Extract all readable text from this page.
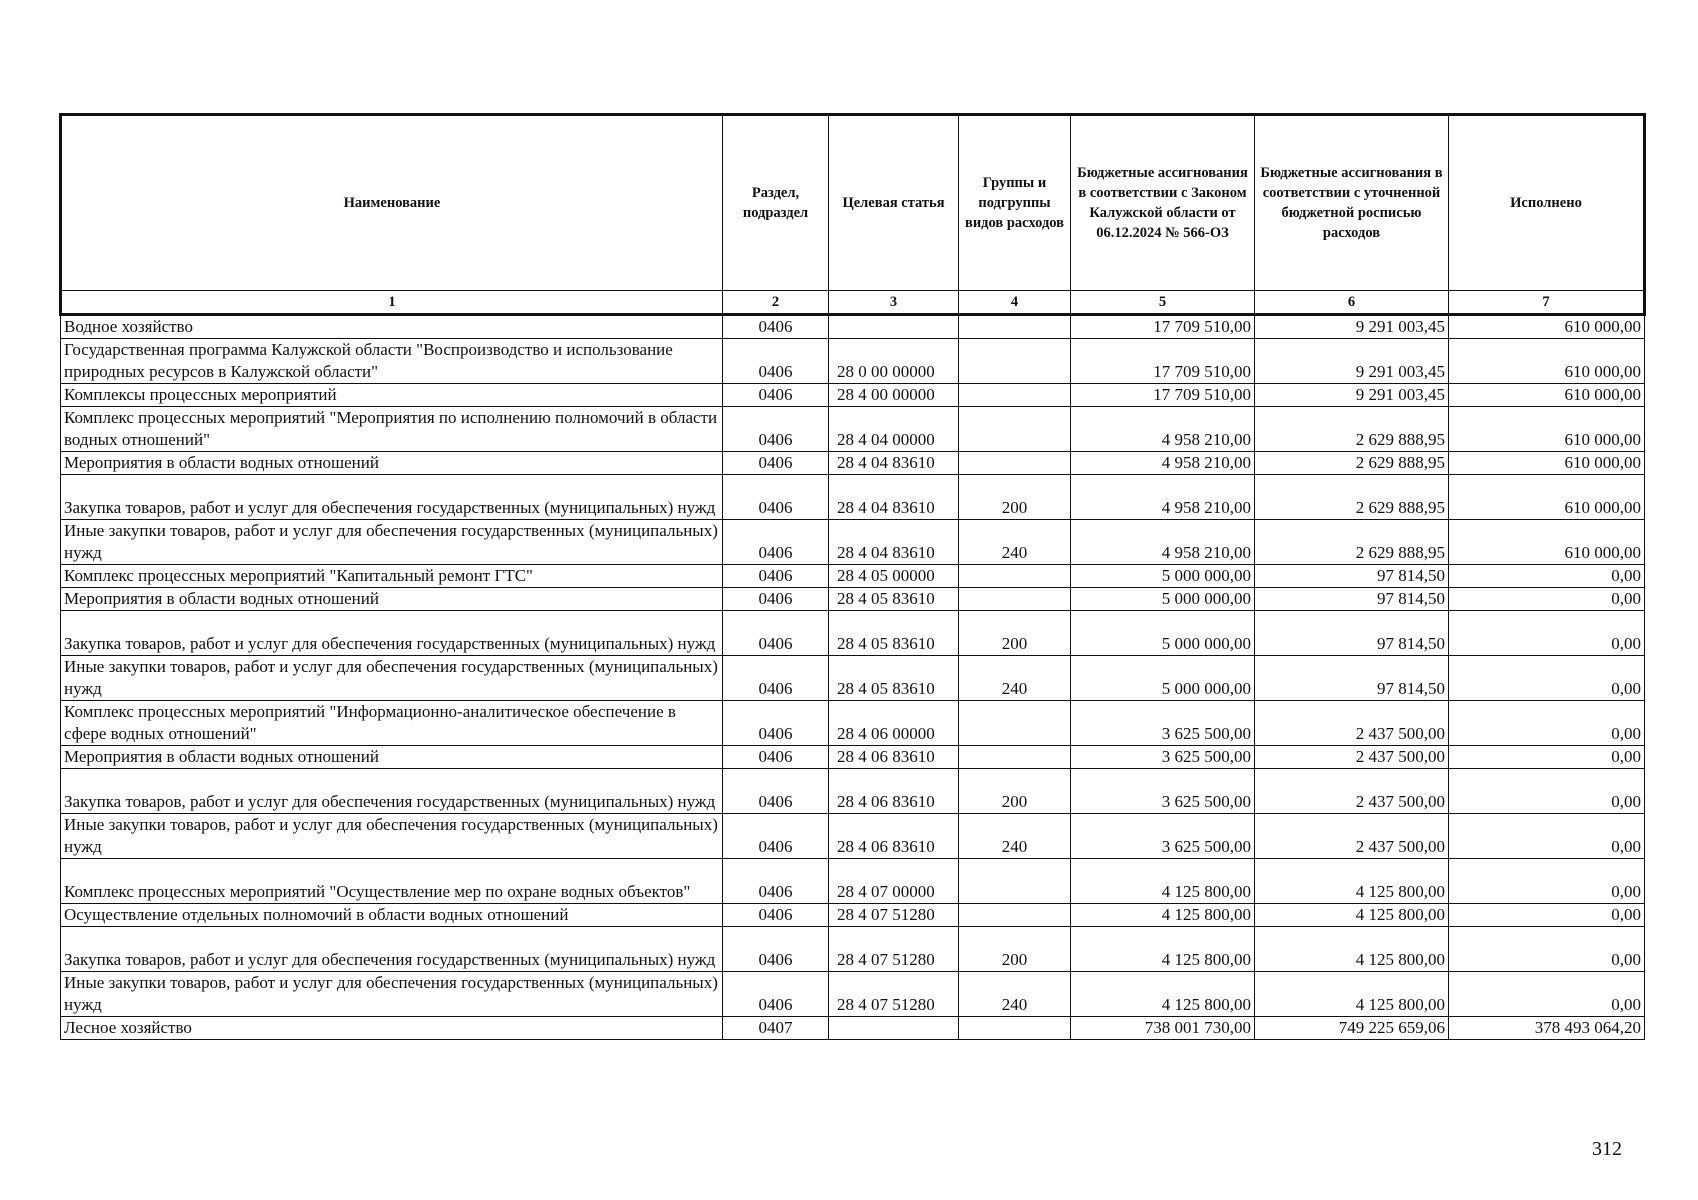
Наименование	Раздел, подраздел	Целевая статья	Группы и подгруппы видов расходов	Бюджетные ассигнования в соответствии с Законом Калужской области от 06.12.2024 № 566-ОЗ	Бюджетные ассигнования в соответствии с уточненной бюджетной росписью расходов	Исполнено
1	2	3	4	5	6	7
Водное хозяйство	0406			17 709 510,00	9 291 003,45	610 000,00
Государственная программа Калужской области "Воспроизводство и использование природных ресурсов в Калужской области"	0406	28 0 00 00000		17 709 510,00	9 291 003,45	610 000,00
Комплексы процессных мероприятий	0406	28 4 00 00000		17 709 510,00	9 291 003,45	610 000,00
Комплекс процессных мероприятий "Мероприятия по исполнению полномочий в области водных отношений"	0406	28 4 04 00000		4 958 210,00	2 629 888,95	610 000,00
Мероприятия в области водных отношений	0406	28 4 04 83610		4 958 210,00	2 629 888,95	610 000,00
Закупка товаров, работ и услуг для обеспечения государственных (муниципальных) нужд	0406	28 4 04 83610	200	4 958 210,00	2 629 888,95	610 000,00
Иные закупки товаров, работ и услуг для обеспечения государственных (муниципальных) нужд	0406	28 4 04 83610	240	4 958 210,00	2 629 888,95	610 000,00
Комплекс процессных мероприятий "Капитальный ремонт ГТС"	0406	28 4 05 00000		5 000 000,00	97 814,50	0,00
Мероприятия в области водных отношений	0406	28 4 05 83610		5 000 000,00	97 814,50	0,00
Закупка товаров, работ и услуг для обеспечения государственных (муниципальных) нужд	0406	28 4 05 83610	200	5 000 000,00	97 814,50	0,00
Иные закупки товаров, работ и услуг для обеспечения государственных (муниципальных) нужд	0406	28 4 05 83610	240	5 000 000,00	97 814,50	0,00
Комплекс процессных мероприятий "Информационно-аналитическое обеспечение в сфере водных отношений"	0406	28 4 06 00000		3 625 500,00	2 437 500,00	0,00
Мероприятия в области водных отношений	0406	28 4 06 83610		3 625 500,00	2 437 500,00	0,00
Закупка товаров, работ и услуг для обеспечения государственных (муниципальных) нужд	0406	28 4 06 83610	200	3 625 500,00	2 437 500,00	0,00
Иные закупки товаров, работ и услуг для обеспечения государственных (муниципальных) нужд	0406	28 4 06 83610	240	3 625 500,00	2 437 500,00	0,00
Комплекс процессных мероприятий "Осуществление мер по охране водных объектов"	0406	28 4 07 00000		4 125 800,00	4 125 800,00	0,00
Осуществление отдельных полномочий в области водных отношений	0406	28 4 07 51280		4 125 800,00	4 125 800,00	0,00
Закупка товаров, работ и услуг для обеспечения государственных (муниципальных) нужд	0406	28 4 07 51280	200	4 125 800,00	4 125 800,00	0,00
Иные закупки товаров, работ и услуг для обеспечения государственных (муниципальных) нужд	0406	28 4 07 51280	240	4 125 800,00	4 125 800,00	0,00
Лесное хозяйство	0407			738 001 730,00	749 225 659,06	378 493 064,20
312
